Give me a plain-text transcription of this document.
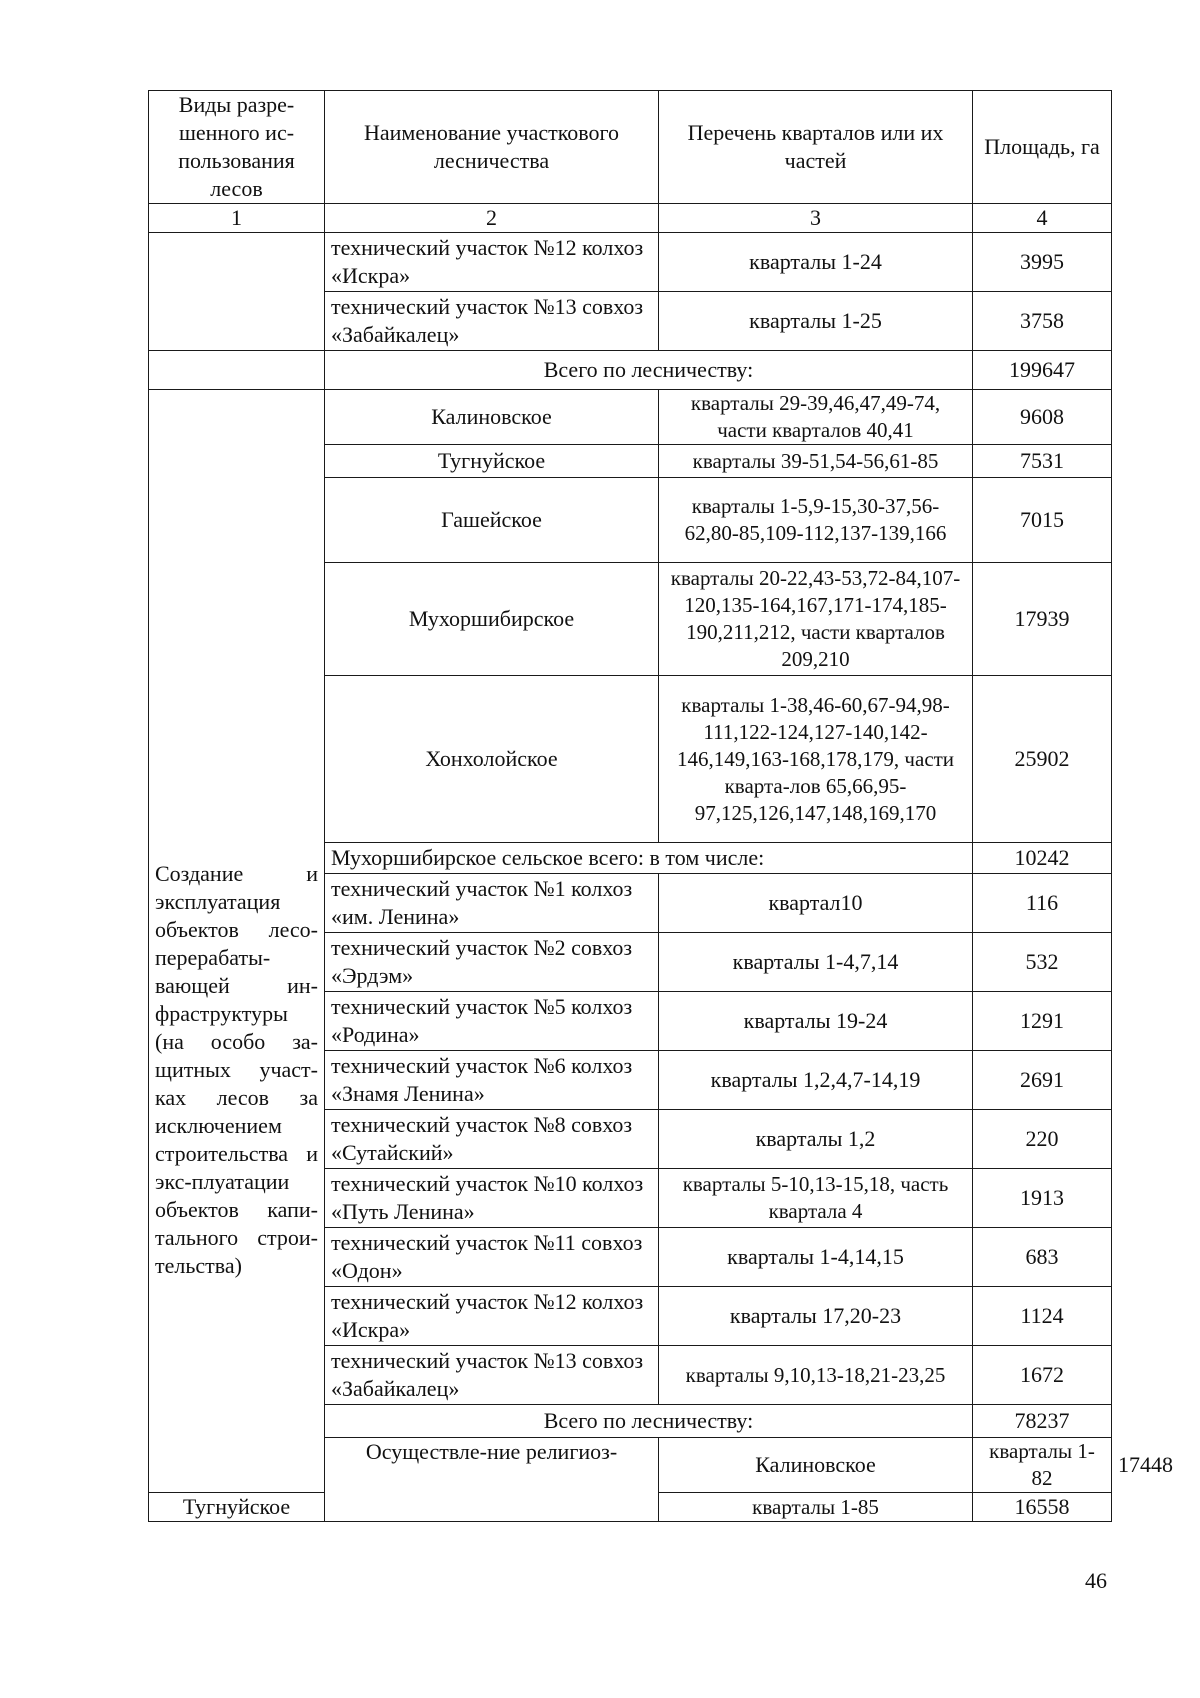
Виды разре-шенного ис-пользования лесов	Наименование участкового лесничества	Перечень кварталов или их частей	Площадь, га	
1	2	3	4	
	технический участок №12 колхоз «Искра»	кварталы 1-24	3995	
	технический участок №13 совхоз «Забайкалец»	кварталы 1-25	3758	
	Всего по лесничеству:		199647	

Создание и эксплуатация объектов лесо-перерабаты-вающей ин-фраструктуры (на особо за-щитных участ-ках лесов за исключением строительства и экс-плуатации объектов капи-тального строи-тельства)	Калиновское	кварталы 29-39,46,47,49-74, части кварталов 40,41	9608	
	Тугнуйское	кварталы 39-51,54-56,61-85	7531	
	Гашейское	кварталы 1-5,9-15,30-37,56-62,80-85,109-112,137-139,166	7015	
	Мухоршибирское	кварталы 20-22,43-53,72-84,107-120,135-164,167,171-174,185-190,211,212, части кварталов 209,210	17939	
	Хонхолойское	кварталы 1-38,46-60,67-94,98-111,122-124,127-140,142-146,149,163-168,178,179, части кварта-лов 65,66,95-97,125,126,147,148,169,170	25902	
	Мухоршибирское сельское всего: в том числе:		10242	
	технический участок №1 колхоз «им. Ленина»	квартал10	116	
	технический участок №2 совхоз «Эрдэм»	кварталы 1-4,7,14	532	
	технический участок №5 колхоз «Родина»	кварталы 19-24	1291	
	технический участок №6 колхоз «Знамя Ленина»	кварталы 1,2,4,7-14,19	2691	
	технический участок №8 совхоз «Сутайский»	кварталы 1,2	220	
	технический участок №10 колхоз «Путь Ленина»	кварталы 5-10,13-15,18, часть квартала 4	1913	
	технический участок №11 совхоз «Одон»	кварталы 1-4,14,15	683	
	технический участок №12 колхоз «Искра»	кварталы 17,20-23	1124	
	технический участок №13 совхоз «Забайкалец»	кварталы 9,10,13-18,21-23,25	1672	
	Всего по лесничеству:		78237	
	Осуществле-ние религиоз-	Калиновское	кварталы 1-82	17448
Тугнуйское		кварталы 1-85	16558	
46
